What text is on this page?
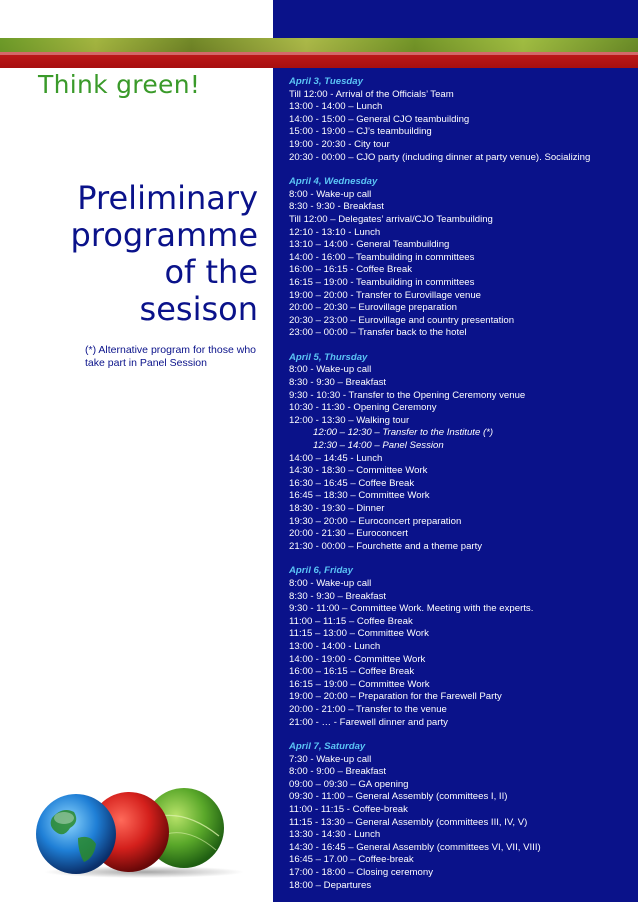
Think green!
Preliminary
programme
of the
sesison
(*) Alternative program for those who take part in Panel Session
April 3, Tuesday
Till 12:00 - Arrival of the Officials’ Team
13:00 - 14:00 – Lunch
14:00 - 15:00 – General CJO teambuilding
15:00 - 19:00 – CJ’s teambuilding
19:00 - 20:30 - City tour
20:30 - 00:00 – CJO party (including dinner at party venue). Socializing
April 4, Wednesday
8:00 - Wake-up call
8:30 - 9:30 - Breakfast
Till 12:00 – Delegates’ arrival/CJO Teambuilding
12:10 - 13:10 - Lunch
13:10 – 14:00 - General Teambuilding
14:00 - 16:00 – Teambuilding in committees
16:00 – 16:15 - Coffee Break
16:15 – 19:00 - Teambuilding in committees
19:00 – 20:00 - Transfer to Eurovillage venue
20:00 – 20:30 – Eurovillage preparation
20:30 – 23:00 – Eurovillage and country presentation
23:00 – 00:00 – Transfer back to the hotel
April 5, Thursday
8:00 - Wake-up call
8:30 - 9:30 – Breakfast
9:30 - 10:30 - Transfer to the Opening Ceremony venue
10:30 - 11:30 - Opening Ceremony
12:00 - 13:30 – Walking tour
12:00 – 12:30 – Transfer to the Institute (*)
12:30 – 14:00 – Panel Session
14:00 – 14:45 - Lunch
14:30 - 18:30 – Committee Work
16:30 – 16:45 – Coffee Break
16:45 – 18:30 – Committee Work
18:30 - 19:30 – Dinner
19:30 – 20:00 – Euroconcert preparation
20:00 - 21:30 – Euroconcert
21:30 - 00:00 – Fourchette and a theme party
April 6, Friday
8:00 - Wake-up call
8:30 - 9:30 – Breakfast
9:30 - 11:00 – Committee Work. Meeting with the experts.
11:00 – 11:15 – Coffee Break
11:15 – 13:00 – Committee Work
13:00 - 14:00 - Lunch
14:00 - 19:00 - Committee Work
16:00 – 16:15 – Coffee Break
16:15 – 19:00 – Committee Work
19:00 – 20:00 – Preparation for the Farewell Party
20:00 - 21:00 – Transfer to the venue
21:00 - … - Farewell dinner and party
April 7, Saturday
7:30 - Wake-up call
8:00 - 9:00 – Breakfast
09:00 – 09:30 – GA opening
09:30 - 11:00 – General Assembly (committees I, II)
11:00 - 11:15 - Coffee-break
11:15 - 13:30 – General Assembly (committees III, IV, V)
13:30 - 14:30 - Lunch
14:30 - 16:45 – General Assembly (committees VI, VII, VIII)
16:45 – 17.00 – Coffee-break
17:00 - 18:00 – Closing ceremony
18:00 – Departures
